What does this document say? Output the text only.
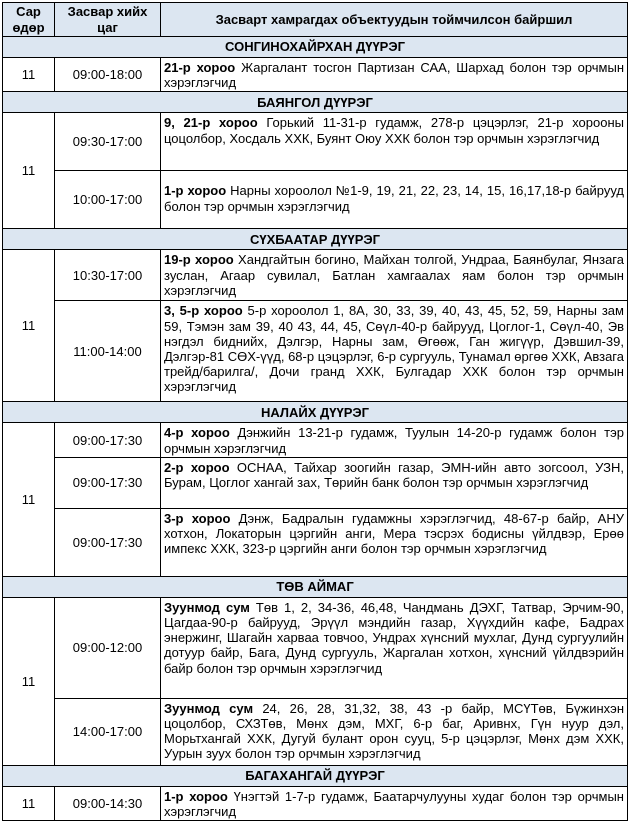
Сар өдөр	Засвар хийх цаг	Засварт хамрагдах объектуудын тоймчилсон байршил
СОНГИНОХАЙРХАН ДҮҮРЭГ		
11	09:00-18:00	21-р хороо Жаргалант тосгон Партизан САА, Шархад болон тэр орчмын хэрэглэгчид
БАЯНГОЛ ДҮҮРЭГ		
11	09:30-17:00	9, 21-р хороо Горький 11-31-р гудамж, 278-р цэцэрлэг, 21-р хорооны цоцолбор, Хосдаль ХХК, Буянт Оюу ХХК болон тэр орчмын хэрэглэгчид
	10:00-17:00	1-р хороо Нарны хороолол №1-9, 19, 21, 22, 23, 14, 15, 16,17,18-р байрууд болон тэр орчмын хэрэглэгчид
СҮХБААТАР ДҮҮРЭГ		
11	10:30-17:00	19-р хороо Хандгайтын богино, Майхан толгой, Ундраа, Баянбулаг, Янзага зуслан, Агаар сувилал, Батлан хамгаалах яам болон тэр орчмын хэрэглэгчид
	11:00-14:00	3, 5-р хороо 5-р хороолол 1, 8А, 30, 33, 39, 40, 43, 45, 52, 59, Нарны зам 59, Тэмэн зам 39, 40 43, 44, 45, Сөүл-40-р байрууд, Цоглог-1, Сөүл-40, Эв нэгдэл биднийх, Дэлгэр, Нарны зам, Өгөөж, Ган жигүүр, Дэвшил-39, Дэлгэр-81 СӨХ-үүд, 68-р цэцэрлэг, 6-р сургууль, Тунамал өргөө ХХК, Авзага трейд/барилга/, Дочи гранд ХХК, Булгадар ХХК болон тэр орчмын хэрэглэгчид
НАЛАЙХ ДҮҮРЭГ		
11	09:00-17:30	4-р хороо Дэнжийн 13-21-р гудамж, Туулын 14-20-р гудамж болон тэр орчмын хэрэглэгчид
	09:00-17:30	2-р хороо ОСНАА, Тайхар зоогийн газар, ЭМН-ийн авто зогсоол, УЗН, Бурам, Цоглог хангай зах, Төрийн банк болон тэр орчмын хэрэглэгчид
	09:00-17:30	3-р хороо Дэнж, Бадралын гудамжны хэрэглэгчид, 48-67-р байр, АНУ хотхон, Локаторын цэргийн анги, Мера тэсрэх бодисны үйлдвэр, Ерөө импекс ХХК, 323-р цэргийн анги болон тэр орчмын хэрэглэгчид
ТӨВ АЙМАГ		
11	09:00-12:00	Зуунмод сум Төв 1, 2, 34-36, 46,48, Чандмань ДЭХГ, Татвар, Эрчим-90, Цагдаа-90-р байрууд, Эрүүл мэндийн газар, Хүүхдийн кафе, Бадрах энержинг, Шагайн харваа товчоо, Ундрах хүнсний мухлаг, Дунд сургуулийн дотуур байр, Бага, Дунд сургууль, Жаргалан хотхон, хүнсний үйлдвэрийн байр болон тэр орчмын хэрэглэгчид
	14:00-17:00	Зуунмод сум 24, 26, 28, 31,32, 38, 43 -р байр, МСҮТөв, Бүжинхэн цоцолбор, СХЗТөв, Мөнх дэм, МХГ, 6-р баг, Аривнх, Гүн нуур дэл, Морьтхангай ХХК, Дугуй булант орон сууц, 5-р цэцэрлэг, Мөнх дэм ХХК, Уурын зуух болон тэр орчмын хэрэглэгчид
БАГАХАНГАЙ ДҮҮРЭГ		
11	09:00-14:30	1-р хороо Үнэгтэй 1-7-р гудамж, Баатарчулууны худаг болон тэр орчмын хэрэглэгчид
